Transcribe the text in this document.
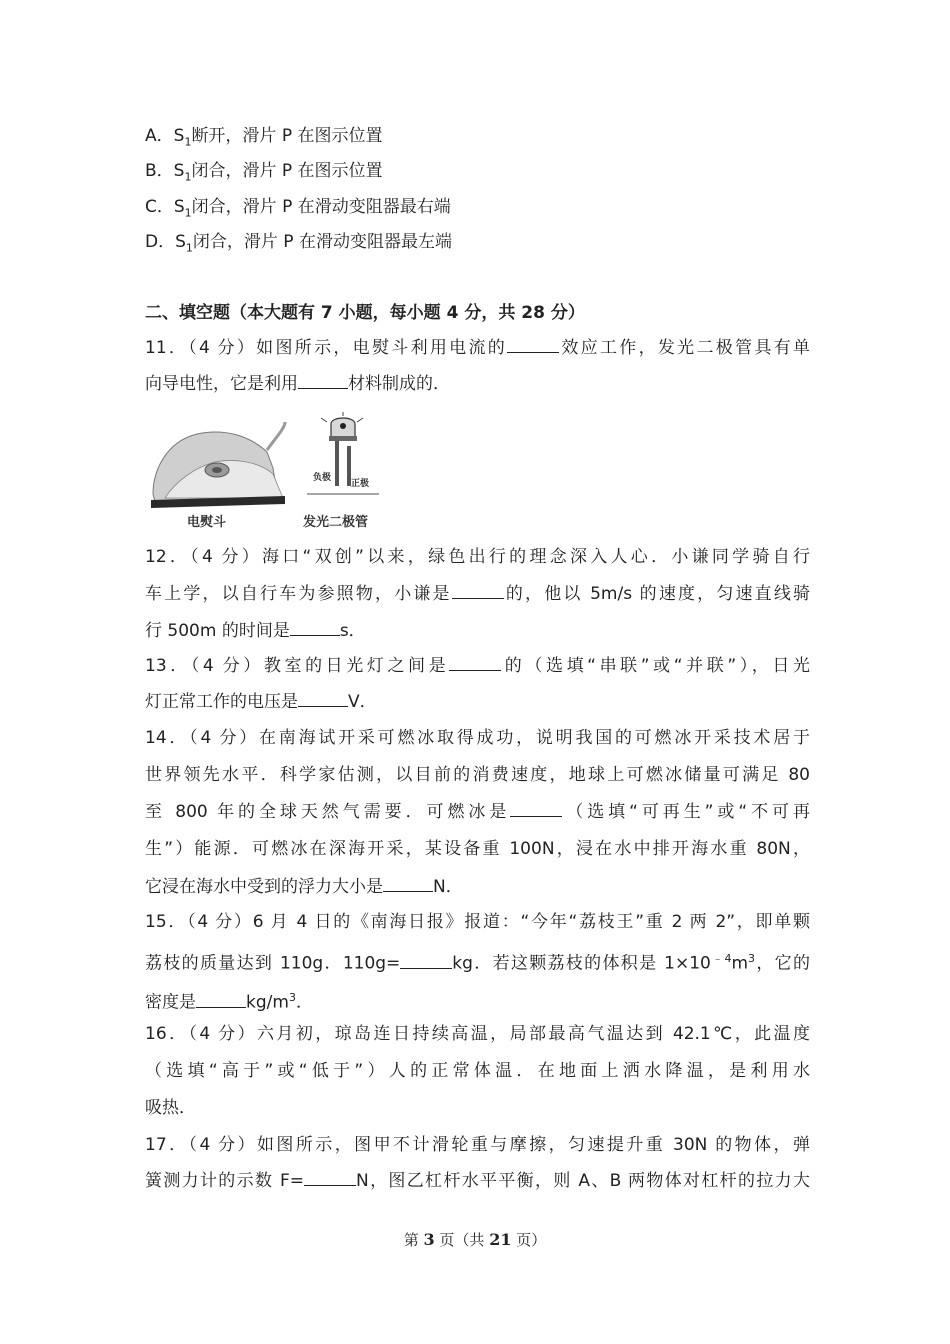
A．$S_1$断开，滑片 P 在图示位置
B．$S_1$闭合，滑片 P 在图示位置
C．$S_1$闭合，滑片 P 在滑动变阻器最右端
D．$S_1$闭合，滑片 P 在滑动变阻器最左端
二、填空题（本大题有 7 小题，每小题 4 分，共 28 分）
11．（4 分）如图所示，电熨斗利用电流的	效应工作，发光二极管具有单
向导电性，它是利用	材料制成的．
负极
正极
电熨斗	发光二极管
12．（4 分）海口“双创”以来，绿色出行的理念深入人心．小谦同学骑自行
车上学，以自行车为参照物，小谦是	的，他以 5m/s 的速度，匀速直线骑
行 500m 的时间是	s．
13．（4 分）教室的日光灯之间是	的（选填“串联”或“并联”），日光
灯正常工作的电压是	V．
14．（4 分）在南海试开采可燃冰取得成功，说明我国的可燃冰开采技术居于
世界领先水平．科学家估测，以目前的消费速度，地球上可燃冰储量可满足 80
至 800 年的全球天然气需要．可燃冰是	（选填“可再生”或“不可再
生”）能源．可燃冰在深海开采，某设备重 100N，浸在水中排开海水重 80N，
它浸在海水中受到的浮力大小是	N．
15．（4 分）6 月 4 日的《南海日报》报道：“今年“荔枝王”重 2 两 2”，即单颗
荔枝的质量达到 110g．110g=	kg．若这颗荔枝的体积是 $1\times 10^{﹣4}m^3$，它的
密度是	$kg/m^3$．
16．（4 分）六月初，琼岛连日持续高温，局部最高气温达到 42.1℃，此温度
（选填“高于”或“低于”）人的正常体温．在地面上洒水降温，是利用水
吸热．
17．（4 分）如图所示，图甲不计滑轮重与摩擦，匀速提升重 30N 的物体，弹
簧测力计的示数 F=	N，图乙杠杆水平平衡，则 A、B 两物体对杠杆的拉力大
第 3 页（共 21 页）
